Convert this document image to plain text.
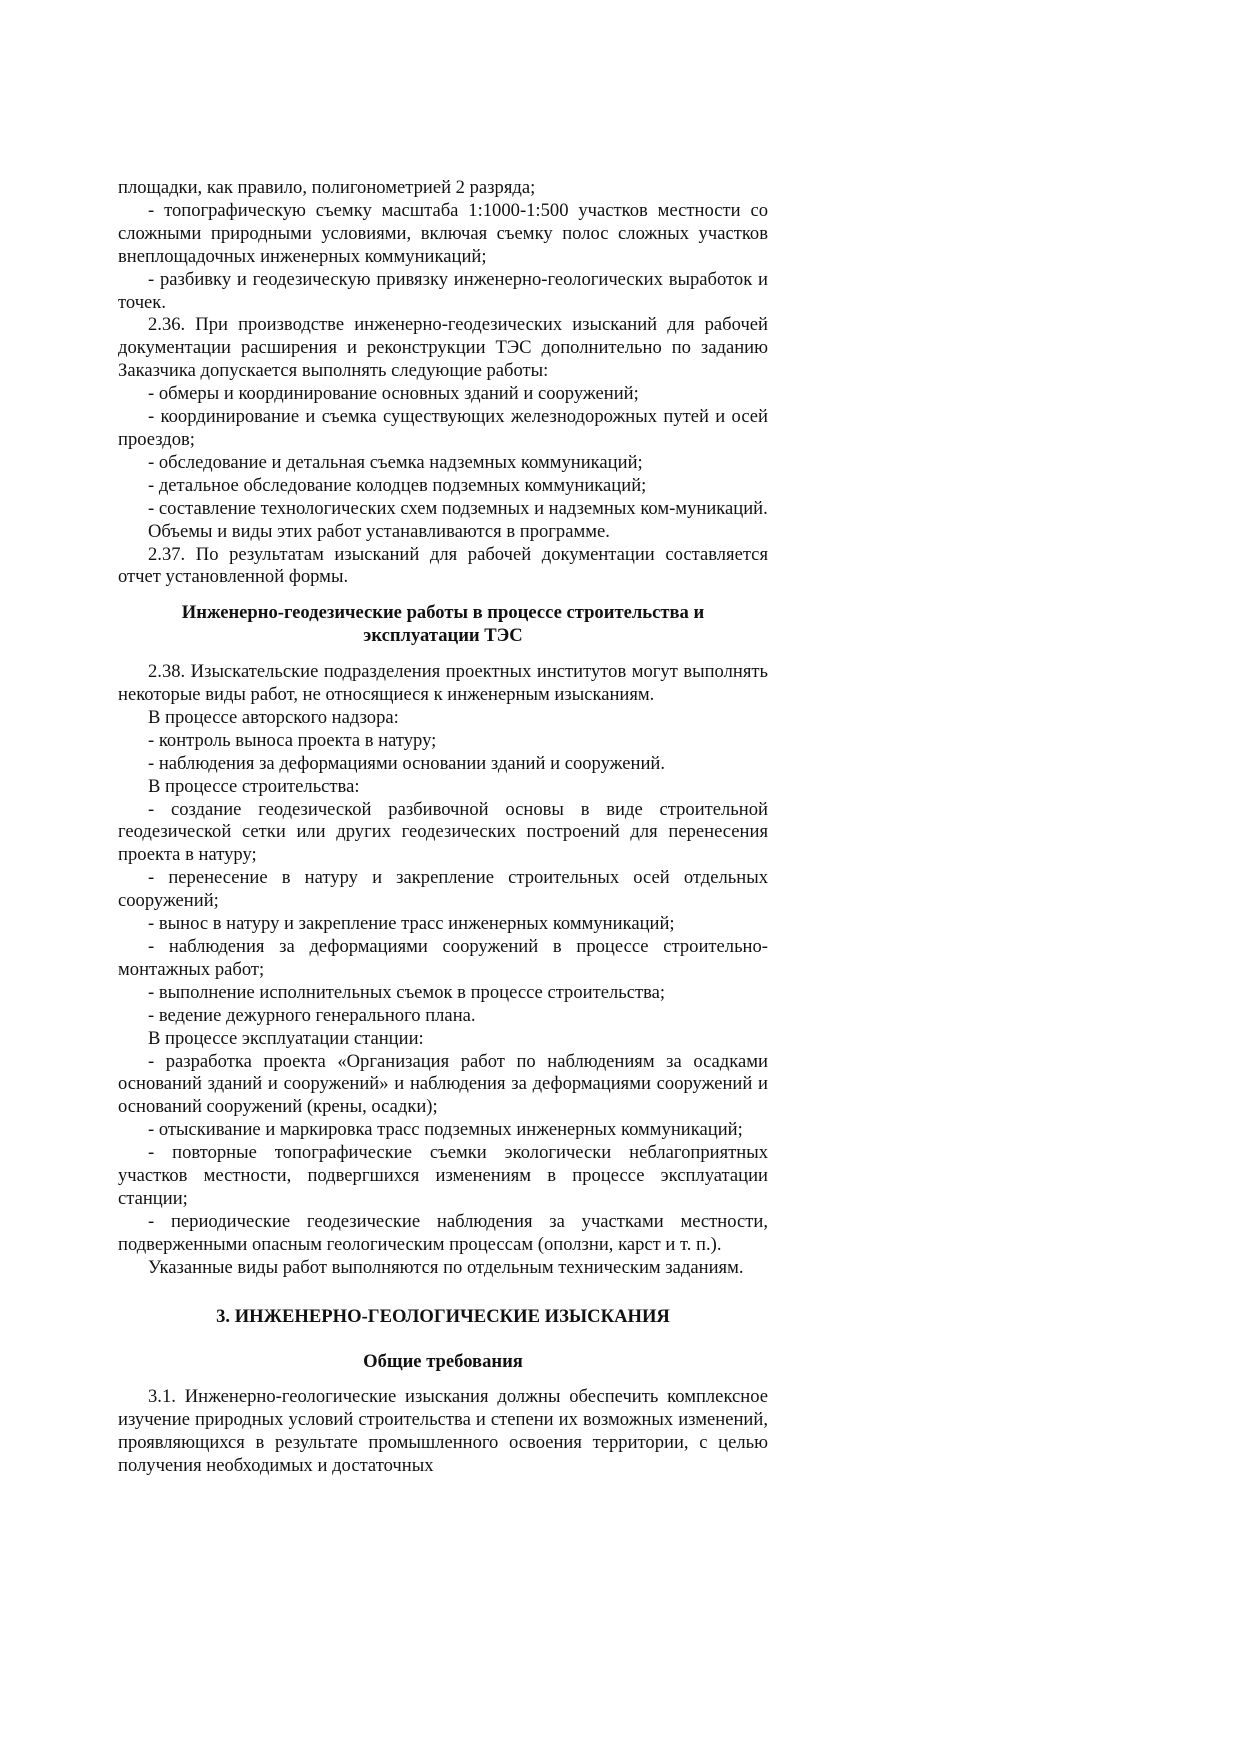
площадки, как правило, полигонометрией 2 разряда;

- топографическую съемку масштаба 1:1000-1:500 участков местности со сложными природными условиями, включая съемку полос сложных участков внеплощадочных инженерных коммуникаций;

- разбивку и геодезическую привязку инженерно-геологических выработок и точек.

2.36. При производстве инженерно-геодезических изысканий для рабочей документации расширения и реконструкции ТЭС дополнительно по заданию Заказчика допускается выполнять следующие работы:

- обмеры и координирование основных зданий и сооружений;

- координирование и съемка существующих железнодорожных путей и осей проездов;

- обследование и детальная съемка надземных коммуникаций;

- детальное обследование колодцев подземных коммуникаций;

- составление технологических схем подземных и надземных ком-муникаций.

Объемы и виды этих работ устанавливаются в программе.

2.37. По результатам изысканий для рабочей документации составляется отчет установленной формы.

Инженерно-геодезические работы в процессе строительства и
эксплуатации ТЭС

2.38. Изыскательские подразделения проектных институтов могут выполнять некоторые виды работ, не относящиеся к инженерным изысканиям.

В процессе авторского надзора:

- контроль выноса проекта в натуру;

- наблюдения за деформациями основании зданий и сооружений.

В процессе строительства:

- создание геодезической разбивочной основы в виде строительной геодезической сетки или других геодезических построений для перенесения проекта в натуру;

- перенесение в натуру и закрепление строительных осей отдельных сооружений;

- вынос в натуру и закрепление трасс инженерных коммуникаций;

- наблюдения за деформациями сооружений в процессе строительно-монтажных работ;

- выполнение исполнительных съемок в процессе строительства;

- ведение дежурного генерального плана.

В процессе эксплуатации станции:

- разработка проекта «Организация работ по наблюдениям за осадками оснований зданий и сооружений» и наблюдения за деформациями сооружений и оснований сооружений (крены, осадки);

- отыскивание и маркировка трасс подземных инженерных коммуникаций;

- повторные топографические съемки экологически неблагоприятных участков местности, подвергшихся изменениям в процессе эксплуатации станции;

- периодические геодезические наблюдения за участками местности, подверженными опасным геологическим процессам (оползни, карст и т. п.).

Указанные виды работ выполняются по отдельным техническим заданиям.

3. ИНЖЕНЕРНО-ГЕОЛОГИЧЕСКИЕ ИЗЫСКАНИЯ
Общие требования

3.1. Инженерно-геологические изыскания должны обеспечить комплексное изучение природных условий строительства и степени их возможных изменений, проявляющихся в результате промышленного освоения территории, с целью получения необходимых и достаточных
